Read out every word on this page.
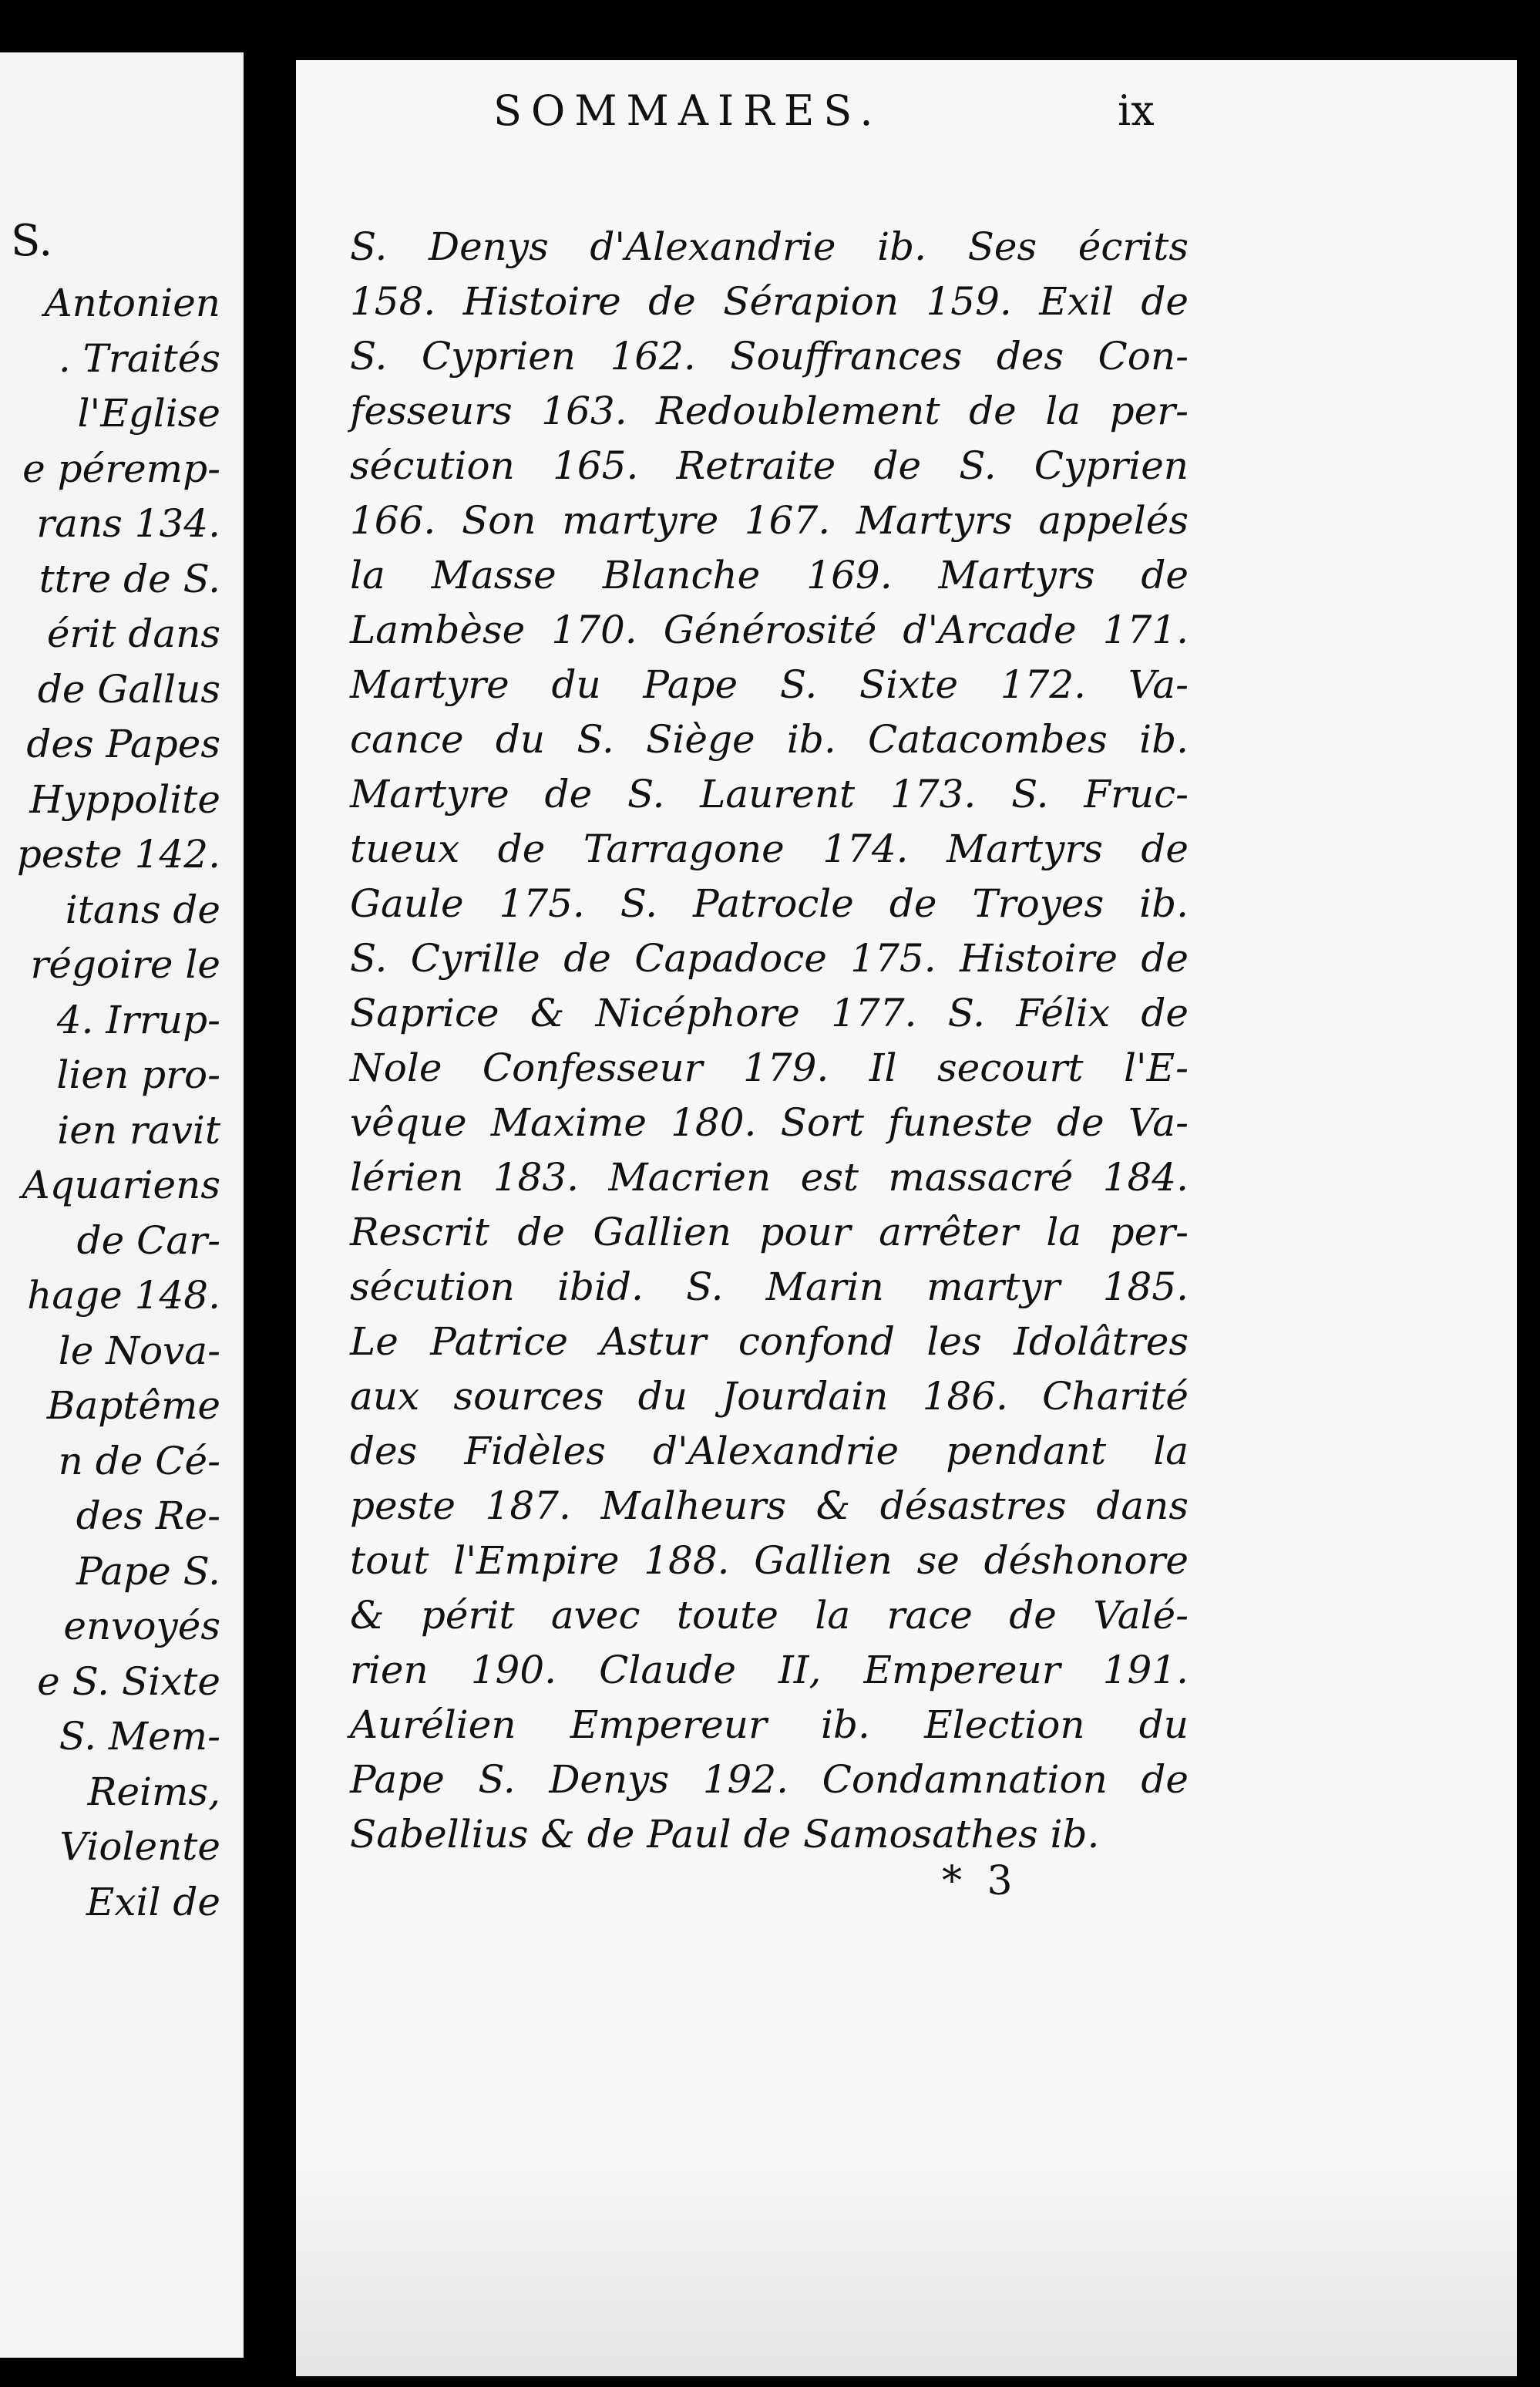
S.
Antonien
. Traités
l'Eglise
e péremp-
rans 134.
ttre de S.
érit dans
de Gallus
des Papes
Hyppolite
peste 142.
itans de
régoire le
4. Irrup-
lien pro-
ien ravit
Aquariens
de Car-
hage 148.
le Nova-
Baptême
n de Cé-
des Re-
Pape S.
envoyés
e S. Sixte
S. Mem-
Reims,
Violente
Exil de
SOMMAIRES.	ix
S. Denys d'Alexandrie ib. Ses écrits
158. Histoire de Sérapion 159. Exil de
S. Cyprien 162. Souffrances des Con-
fesseurs 163. Redoublement de la per-
sécution 165. Retraite de S. Cyprien
166. Son martyre 167. Martyrs appelés
la Masse Blanche 169. Martyrs de
Lambèse 170. Générosité d'Arcade 171.
Martyre du Pape S. Sixte 172. Va-
cance du S. Siège ib. Catacombes ib.
Martyre de S. Laurent 173. S. Fruc-
tueux de Tarragone 174. Martyrs de
Gaule 175. S. Patrocle de Troyes ib.
S. Cyrille de Capadoce 175. Histoire de
Saprice & Nicéphore 177. S. Félix de
Nole Confesseur 179. Il secourt l'E-
vêque Maxime 180. Sort funeste de Va-
lérien 183. Macrien est massacré 184.
Rescrit de Gallien pour arrêter la per-
sécution ibid. S. Marin martyr 185.
Le Patrice Astur confond les Idolâtres
aux sources du Jourdain 186. Charité
des Fidèles d'Alexandrie pendant la
peste 187. Malheurs & désastres dans
tout l'Empire 188. Gallien se déshonore
& périt avec toute la race de Valé-
rien 190. Claude II, Empereur 191.
Aurélien Empereur ib. Election du
Pape S. Denys 192. Condamnation de
Sabellius & de Paul de Samosathes ib.
* 3
